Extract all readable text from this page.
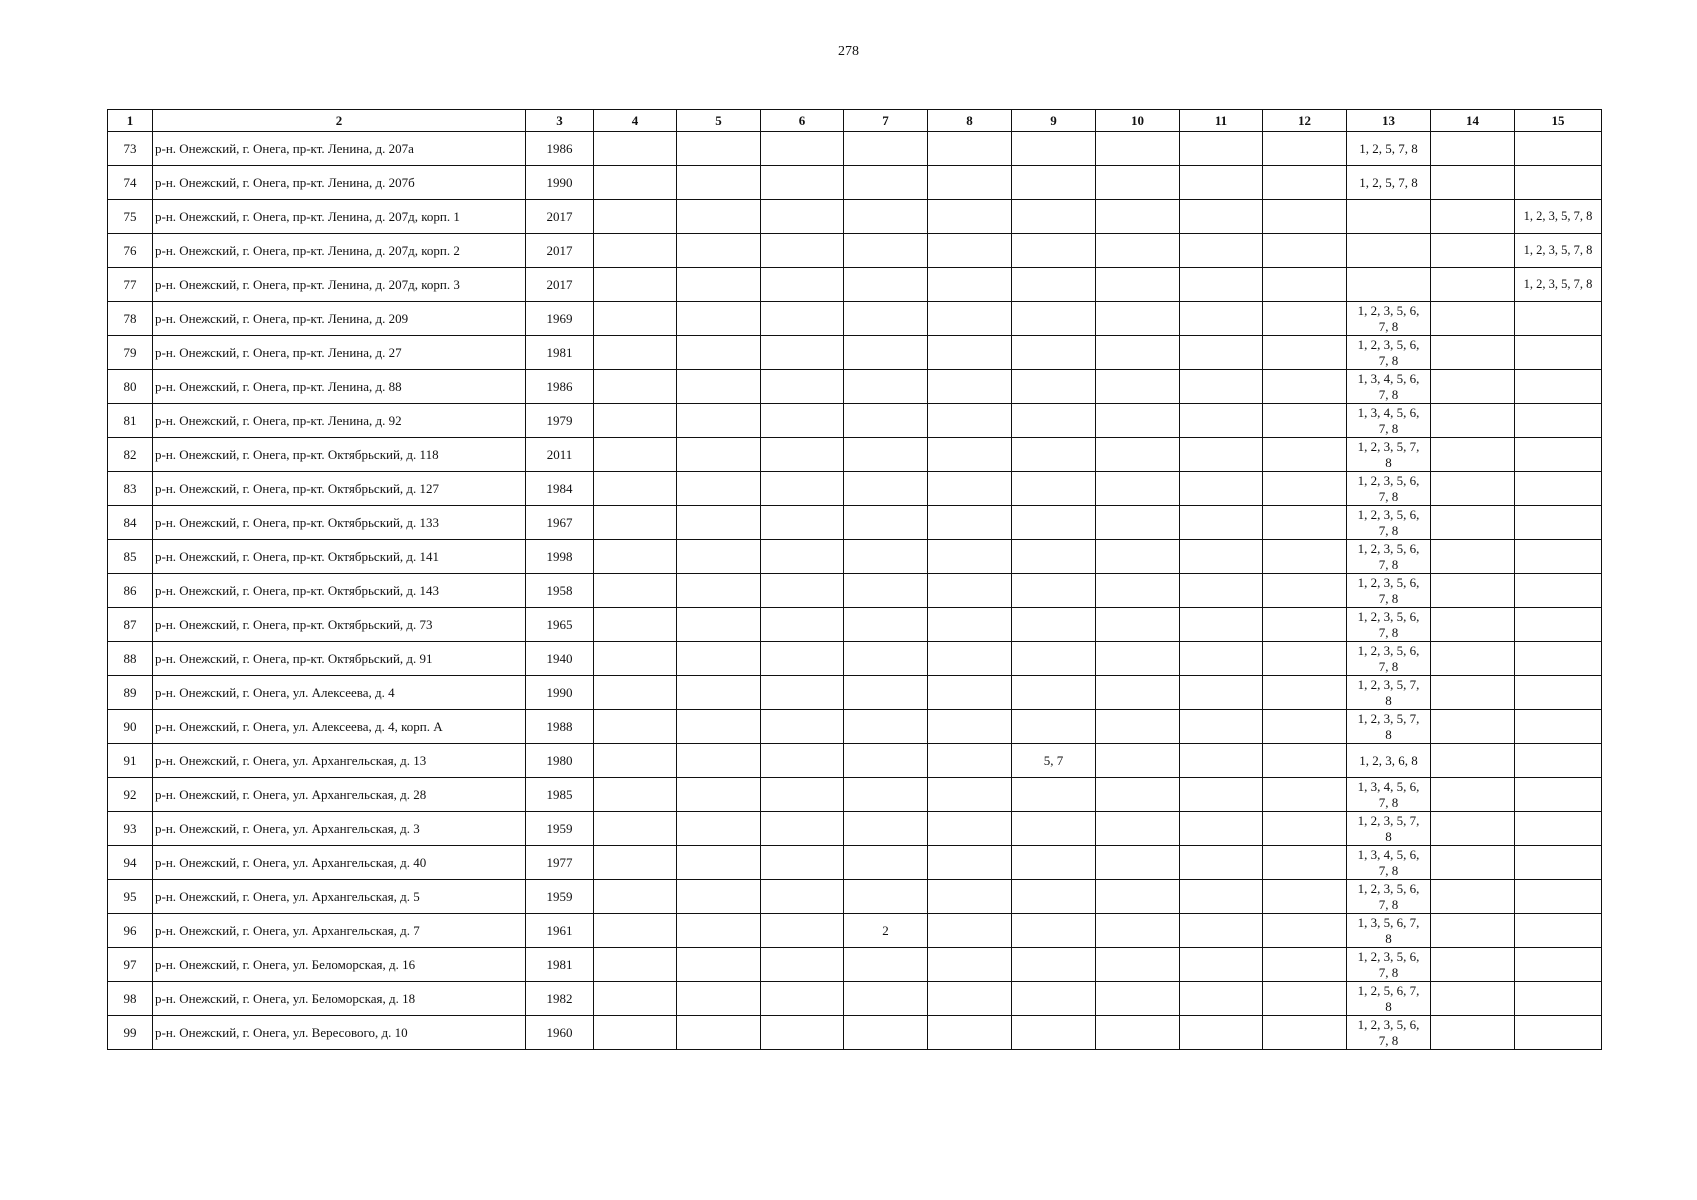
278
1	2	3	4	5	6	7	8	9	10	11	12	13	14	15
73	р-н. Онежский, г. Онега, пр-кт. Ленина, д. 207а	1986										1, 2, 5, 7, 8		
74	р-н. Онежский, г. Онега, пр-кт. Ленина, д. 207б	1990										1, 2, 5, 7, 8		
75	р-н. Онежский, г. Онега, пр-кт. Ленина, д. 207д, корп. 1	2017												1, 2, 3, 5, 7, 8
76	р-н. Онежский, г. Онега, пр-кт. Ленина, д. 207д, корп. 2	2017												1, 2, 3, 5, 7, 8
77	р-н. Онежский, г. Онега, пр-кт. Ленина, д. 207д, корп. 3	2017												1, 2, 3, 5, 7, 8
78	р-н. Онежский, г. Онега, пр-кт. Ленина, д. 209	1969										1, 2, 3, 5, 6, 7, 8		
79	р-н. Онежский, г. Онега, пр-кт. Ленина, д. 27	1981										1, 2, 3, 5, 6, 7, 8		
80	р-н. Онежский, г. Онега, пр-кт. Ленина, д. 88	1986										1, 3, 4, 5, 6, 7, 8		
81	р-н. Онежский, г. Онега, пр-кт. Ленина, д. 92	1979										1, 3, 4, 5, 6, 7, 8		
82	р-н. Онежский, г. Онега, пр-кт. Октябрьский, д. 118	2011										1, 2, 3, 5, 7, 8		
83	р-н. Онежский, г. Онега, пр-кт. Октябрьский, д. 127	1984										1, 2, 3, 5, 6, 7, 8		
84	р-н. Онежский, г. Онега, пр-кт. Октябрьский, д. 133	1967										1, 2, 3, 5, 6, 7, 8		
85	р-н. Онежский, г. Онега, пр-кт. Октябрьский, д. 141	1998										1, 2, 3, 5, 6, 7, 8		
86	р-н. Онежский, г. Онега, пр-кт. Октябрьский, д. 143	1958										1, 2, 3, 5, 6, 7, 8		
87	р-н. Онежский, г. Онега, пр-кт. Октябрьский, д. 73	1965										1, 2, 3, 5, 6, 7, 8		
88	р-н. Онежский, г. Онега, пр-кт. Октябрьский, д. 91	1940										1, 2, 3, 5, 6, 7, 8		
89	р-н. Онежский, г. Онега, ул. Алексеева, д. 4	1990										1, 2, 3, 5, 7, 8		
90	р-н. Онежский, г. Онега, ул. Алексеева, д. 4, корп. А	1988										1, 2, 3, 5, 7, 8		
91	р-н. Онежский, г. Онега, ул. Архангельская, д. 13	1980						5, 7				1, 2, 3, 6, 8		
92	р-н. Онежский, г. Онега, ул. Архангельская, д. 28	1985										1, 3, 4, 5, 6, 7, 8		
93	р-н. Онежский, г. Онега, ул. Архангельская, д. 3	1959										1, 2, 3, 5, 7, 8		
94	р-н. Онежский, г. Онега, ул. Архангельская, д. 40	1977										1, 3, 4, 5, 6, 7, 8		
95	р-н. Онежский, г. Онега, ул. Архангельская, д. 5	1959										1, 2, 3, 5, 6, 7, 8		
96	р-н. Онежский, г. Онега, ул. Архангельская, д. 7	1961				2						1, 3, 5, 6, 7, 8		
97	р-н. Онежский, г. Онега, ул. Беломорская, д. 16	1981										1, 2, 3, 5, 6, 7, 8		
98	р-н. Онежский, г. Онега, ул. Беломорская, д. 18	1982										1, 2, 5, 6, 7, 8		
99	р-н. Онежский, г. Онега, ул. Вересового, д. 10	1960										1, 2, 3, 5, 6, 7, 8		
